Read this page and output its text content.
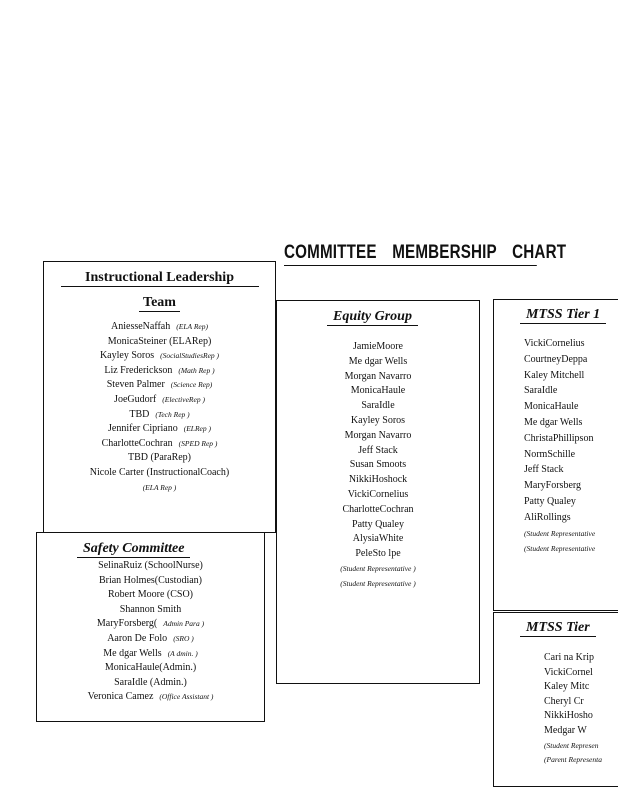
COMMITTEE MEMBERSHIP CHART
Instructional Leadership
Team
AniesseNaffah (ELA Rep)
MonicaSteiner (ELARep)
Kayley Soros (SocialStudiesRep )
Liz Frederickson (Math Rep )
Steven Palmer (Science Rep)
JoeGudorf (ElectiveRep )
TBD (Tech Rep )
Jennifer Cipriano (ELRep )
CharlotteCochran (SPED Rep )
TBD (ParaRep)
Nicole Carter (InstructionalCoach)
(ELA Rep )
Safety Committee
SelinaRuiz (SchoolNurse)
Brian Holmes(Custodian)
Robert Moore (CSO)
Shannon Smith
MaryForsberg( Admin Para )
Aaron De Folo (SRO )
Me dgar Wells (A dmin. )
MonicaHaule(Admin.)
SaraIdle (Admin.)
Veronica Camez (Office Assistant )
Equity Group
JamieMoore
Me dgar Wells
Morgan Navarro
MonicaHaule
SaraIdle
Kayley Soros
Morgan Navarro
Jeff Stack
Susan Smoots
NikkiHoshock
VickiCornelius
CharlotteCochran
Patty Qualey
AlysiaWhite
PeleSto lpe
(Student Representative )
(Student Representative )
MTSS Tier 1
VickiCornelius
CourtneyDeppa
Kaley Mitchell
SaraIdle
MonicaHaule
Me dgar Wells
ChristaPhillipson
NormSchille
Jeff Stack
MaryForsberg
Patty Qualey
AliRollings
(Student Representative
(Student Representative
MTSS Tier
Cari na Krip
VickiCornel
Kaley Mitc
Cheryl Cr
NikkiHosho
Medgar W
(Student Represen
(Parent Representa
